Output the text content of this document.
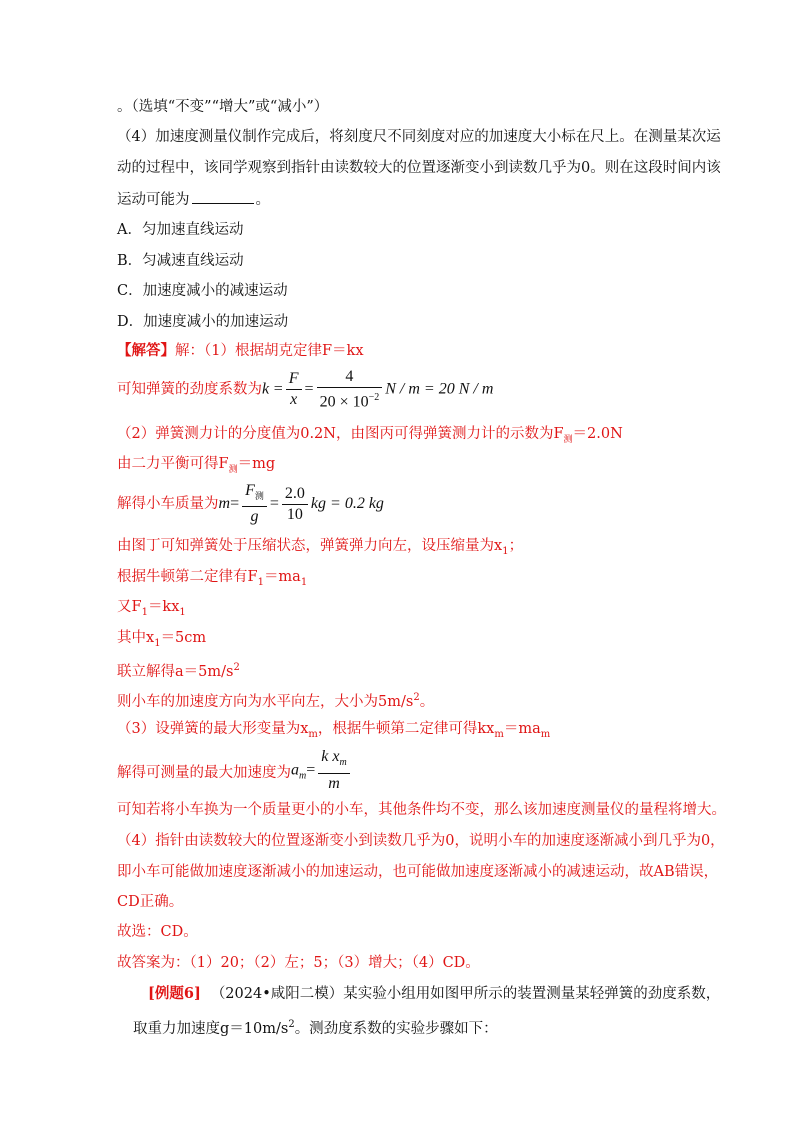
。（选填“不变”“增大”或“减小”）
（4）加速度测量仪制作完成后，将刻度尺不同刻度对应的加速度大小标在尺上。在测量某次运
动的过程中，该同学观察到指针由读数较大的位置逐渐变小到读数几乎为0。则在这段时间内该
运动可能为	。
A．匀加速直线运动
B．匀减速直线运动
C．加速度减小的减速运动
D．加速度减小的加速运动
【解答】解：（1）根据胡克定律F＝kx
可知弹簧的劲度系数为$k = \frac{F}{x} = \frac{4}{20 \times 10^{-2}}$ N / m = 20 N / m
（2）弹簧测力计的分度值为0.2N，由图丙可得弹簧测力计的示数为$F_测=2.0N$
由二力平衡可得$F_测=mg$
解得小车质量为$m= \frac{F_测}{g} = \frac{2.0}{10}$ kg = 0.2 kg
由图丁可知弹簧处于压缩状态，弹簧弹力向左，设压缩量为$x_1$；
根据牛顿第二定律有$F_1=ma_1$
又$F_1=kx_1$
其中$x_1=5cm$
联立解得$a=5m/s^2$
则小车的加速度方向为水平向左，大小为$5m/s^2$。
（3）设弹簧的最大形变量为$x_m$，根据牛顿第二定律可得$kx_m=ma_m$
解得可测量的最大加速度为$a_m= \frac{k x_m}{m}$
可知若将小车换为一个质量更小的小车，其他条件均不变，那么该加速度测量仪的量程将增大。
（4）指针由读数较大的位置逐渐变小到读数几乎为0，说明小车的加速度逐渐减小到几乎为0，
即小车可能做加速度逐渐减小的加速运动，也可能做加速度逐渐减小的减速运动，故AB错误，
CD正确。
故选：CD。
故答案为：（1）20；（2）左；5；（3）增大；（4）CD。
[例题6] （2024•咸阳二模）某实验小组用如图甲所示的装置测量某轻弹簧的劲度系数，
取重力加速度$g=10m/s^2$。测劲度系数的实验步骤如下：
